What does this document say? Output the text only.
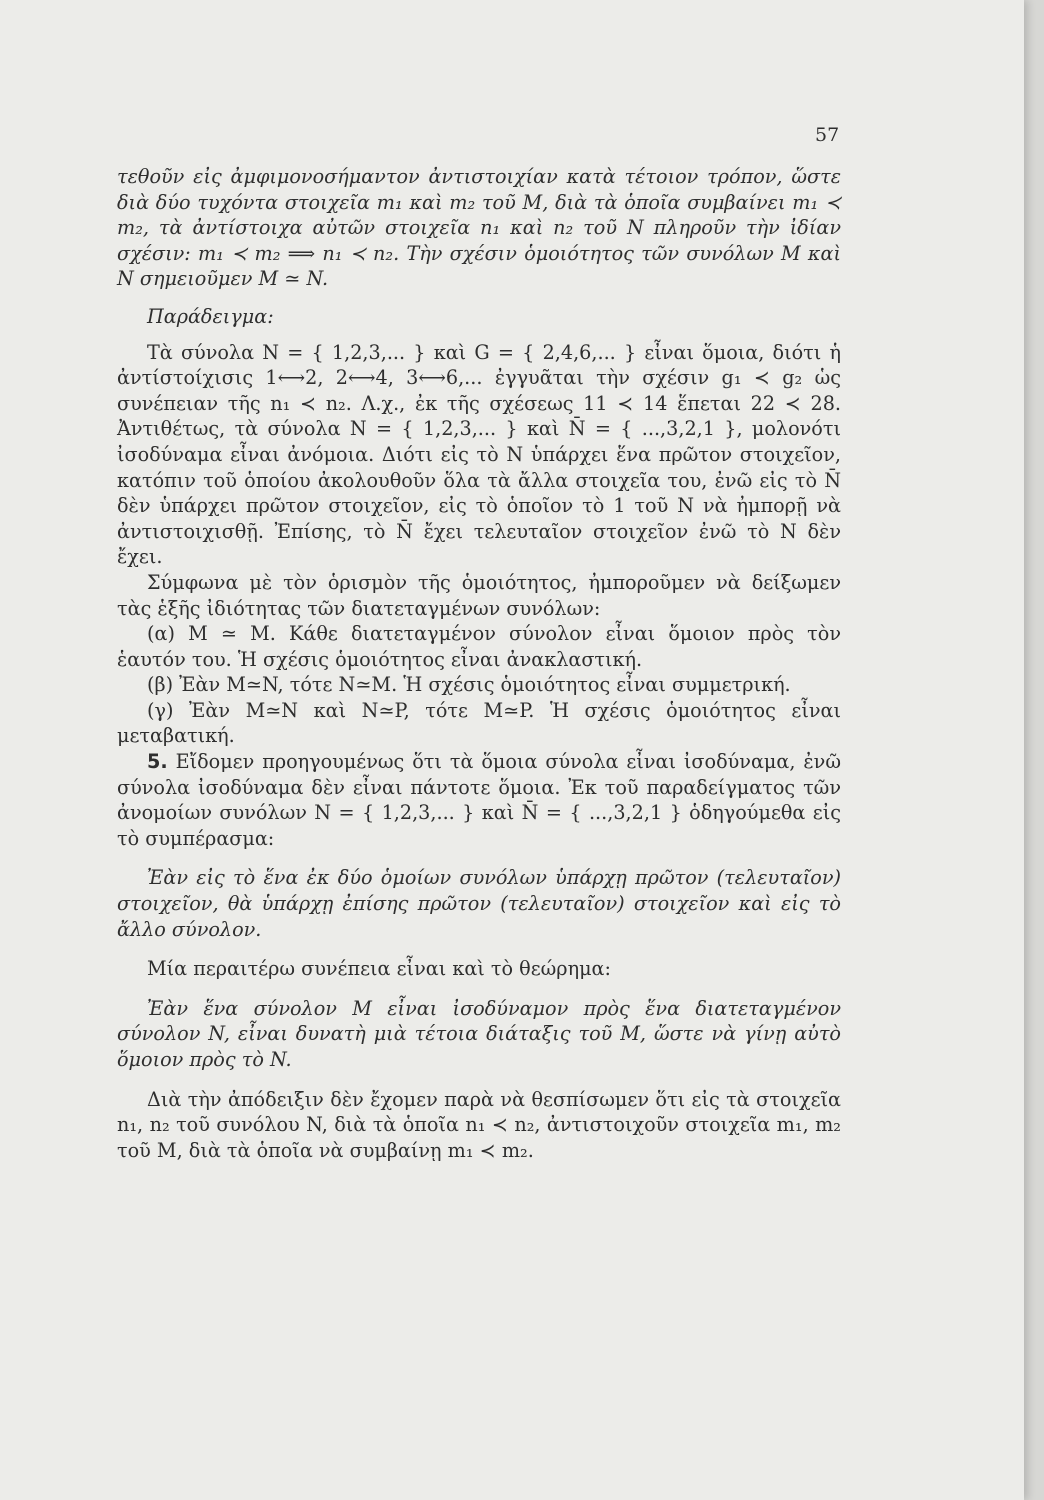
57

τεθοῦν εἰς ἀμφιμονοσήμαντον ἀντιστοιχίαν κατὰ τέτοιον τρόπον, ὥστε διὰ δύο τυχόντα στοιχεῖα m₁ καὶ m₂ τοῦ M, διὰ τὰ ὁποῖα συμβαίνει m₁ ≺ m₂, τὰ ἀντίστοιχα αὐτῶν στοιχεῖα n₁ καὶ n₂ τοῦ N πληροῦν τὴν ἰδίαν σχέσιν: m₁ ≺ m₂ ⟹ n₁ ≺ n₂. Τὴν σχέσιν ὁμοιότητος τῶν συνόλων M καὶ N σημειοῦμεν M ≃ N.

Παράδειγμα:

Τὰ σύνολα N = { 1,2,3,... } καὶ G = { 2,4,6,... } εἶναι ὅμοια, διότι ἡ ἀντίστοίχισις 1⟷2, 2⟷4, 3⟷6,... ἐγγυᾶται τὴν σχέσιν g₁ ≺ g₂ ὡς συνέπειαν τῆς n₁ ≺ n₂. Λ.χ., ἐκ τῆς σχέσεως 11 ≺ 14 ἕπεται 22 ≺ 28. Ἀντιθέτως, τὰ σύνολα N = { 1,2,3,... } καὶ N̄ = { ...,3,2,1 }, μολονότι ἰσοδύναμα εἶναι ἀνόμοια. Διότι εἰς τὸ N ὑπάρχει ἕνα πρῶτον στοιχεῖον, κατόπιν τοῦ ὁποίου ἀκολουθοῦν ὅλα τὰ ἄλλα στοιχεῖα του, ἐνῶ εἰς τὸ N̄ δὲν ὑπάρχει πρῶτον στοιχεῖον, εἰς τὸ ὁποῖον τὸ 1 τοῦ N νὰ ἠμπορῇ νὰ ἀντιστοιχισθῇ. Ἐπίσης, τὸ N̄ ἔχει τελευταῖον στοιχεῖον ἐνῶ τὸ N δὲν ἔχει.

Σύμφωνα μὲ τὸν ὁρισμὸν τῆς ὁμοιότητος, ἠμποροῦμεν νὰ δείξωμεν τὰς ἑξῆς ἰδιότητας τῶν διατεταγμένων συνόλων:

(α) M ≃ M. Κάθε διατεταγμένον σύνολον εἶναι ὅμοιον πρὸς τὸν ἑαυτόν του. Ἡ σχέσις ὁμοιότητος εἶναι ἀνακλαστική.

(β) Ἐὰν M≃N, τότε N≃M. Ἡ σχέσις ὁμοιότητος εἶναι συμμετρική.

(γ) Ἐὰν M≃N καὶ N≃P, τότε M≃P. Ἡ σχέσις ὁμοιότητος εἶναι μεταβατική.

5. Εἴδομεν προηγουμένως ὅτι τὰ ὅμοια σύνολα εἶναι ἰσοδύναμα, ἐνῶ σύνολα ἰσοδύναμα δὲν εἶναι πάντοτε ὅμοια. Ἐκ τοῦ παραδείγματος τῶν ἀνομοίων συνόλων N = { 1,2,3,... } καὶ N̄ = { ...,3,2,1 } ὁδηγούμεθα εἰς τὸ συμπέρασμα:

Ἐὰν εἰς τὸ ἕνα ἐκ δύο ὁμοίων συνόλων ὑπάρχῃ πρῶτον (τελευταῖον) στοιχεῖον, θὰ ὑπάρχῃ ἐπίσης πρῶτον (τελευταῖον) στοιχεῖον καὶ εἰς τὸ ἄλλο σύνολον.

Μία περαιτέρω συνέπεια εἶναι καὶ τὸ θεώρημα:

Ἐὰν ἕνα σύνολον M εἶναι ἰσοδύναμον πρὸς ἕνα διατεταγμένον σύνολον N, εἶναι δυνατὴ μιὰ τέτοια διάταξις τοῦ M, ὥστε νὰ γίνῃ αὐτὸ ὅμοιον πρὸς τὸ N.

Διὰ τὴν ἀπόδειξιν δὲν ἔχομεν παρὰ νὰ θεσπίσωμεν ὅτι εἰς τὰ στοιχεῖα n₁, n₂ τοῦ συνόλου N, διὰ τὰ ὁποῖα n₁ ≺ n₂, ἀντιστοιχοῦν στοιχεῖα m₁, m₂ τοῦ M, διὰ τὰ ὁποῖα νὰ συμβαίνῃ m₁ ≺ m₂.
